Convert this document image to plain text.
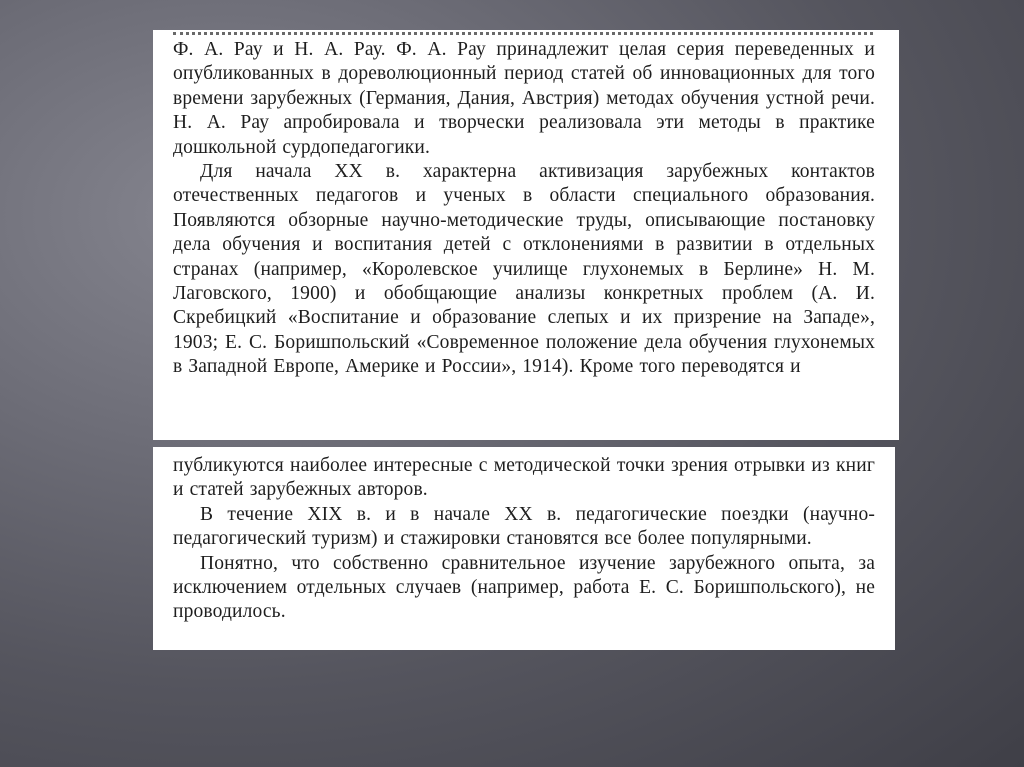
Ф. А. Рау и Н. А. Рау. Ф. А. Рау принадлежит целая серия переведенных и опубликованных в дореволюционный период статей об инновационных для того времени зарубежных (Германия, Дания, Австрия) методах обучения устной речи. Н. А. Рау апробировала и творчески реализовала эти методы в практике дошкольной сурдопедагогики.

Для начала XX в. характерна активизация зарубежных контактов отечественных педагогов и ученых в области специального образования. Появляются обзорные научно-методические труды, описывающие постановку дела обучения и воспитания детей с отклонениями в развитии в отдельных странах (например, «Королевское училище глухонемых в Берлине» Н. М. Лаговского, 1900) и обобщающие анализы конкретных проблем (А. И. Скребицкий «Воспитание и образование слепых и их призрение на Западе», 1903; Е. С. Боришпольский «Современное положение дела обучения глухонемых в Западной Европе, Америке и России», 1914). Кроме того переводятся и

публикуются наиболее интересные с методической точки зрения отрывки из книг и статей зарубежных авторов.

В течение XIX в. и в начале XX в. педагогические поездки (научно-педагогический туризм) и стажировки становятся все более популярными.

Понятно, что собственно сравнительное изучение зарубежного опыта, за исключением отдельных случаев (например, работа Е. С. Боришпольского), не проводилось.
